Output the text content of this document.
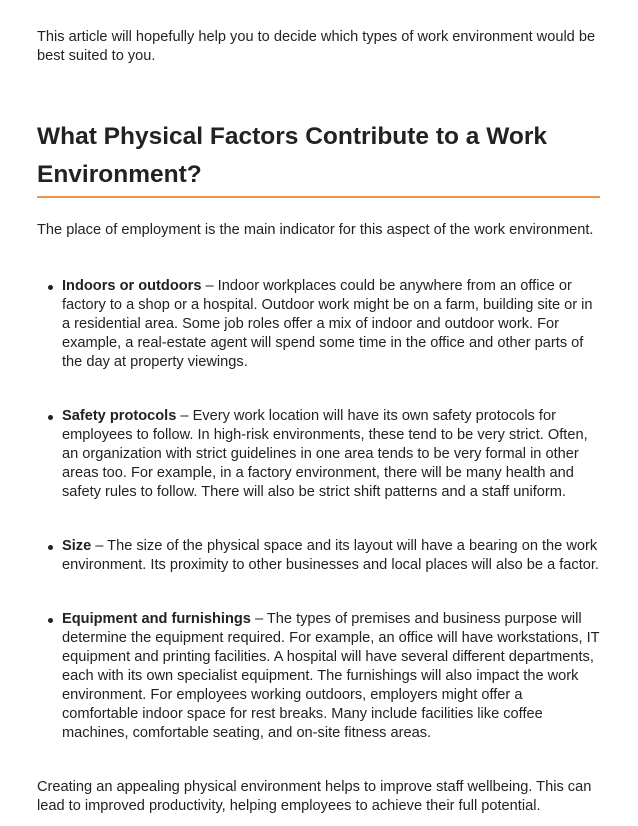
This article will hopefully help you to decide which types of work environment would be best suited to you.

What Physical Factors Contribute to a Work Environment?

The place of employment is the main indicator for this aspect of the work environment.

Indoors or outdoors – Indoor workplaces could be anywhere from an office or factory to a shop or a hospital. Outdoor work might be on a farm, building site or in a residential area. Some job roles offer a mix of indoor and outdoor work. For example, a real-estate agent will spend some time in the office and other parts of the day at property viewings.
Safety protocols – Every work location will have its own safety protocols for employees to follow. In high-risk environments, these tend to be very strict. Often, an organization with strict guidelines in one area tends to be very formal in other areas too. For example, in a factory environment, there will be many health and safety rules to follow. There will also be strict shift patterns and a staff uniform.
Size – The size of the physical space and its layout will have a bearing on the work environment. Its proximity to other businesses and local places will also be a factor.
Equipment and furnishings – The types of premises and business purpose will determine the equipment required. For example, an office will have workstations, IT equipment and printing facilities. A hospital will have several different departments, each with its own specialist equipment. The furnishings will also impact the work environment. For employees working outdoors, employers might offer a comfortable indoor space for rest breaks. Many include facilities like coffee machines, comfortable seating, and on-site fitness areas.

Creating an appealing physical environment helps to improve staff wellbeing. This can lead to improved productivity, helping employees to achieve their full potential.
